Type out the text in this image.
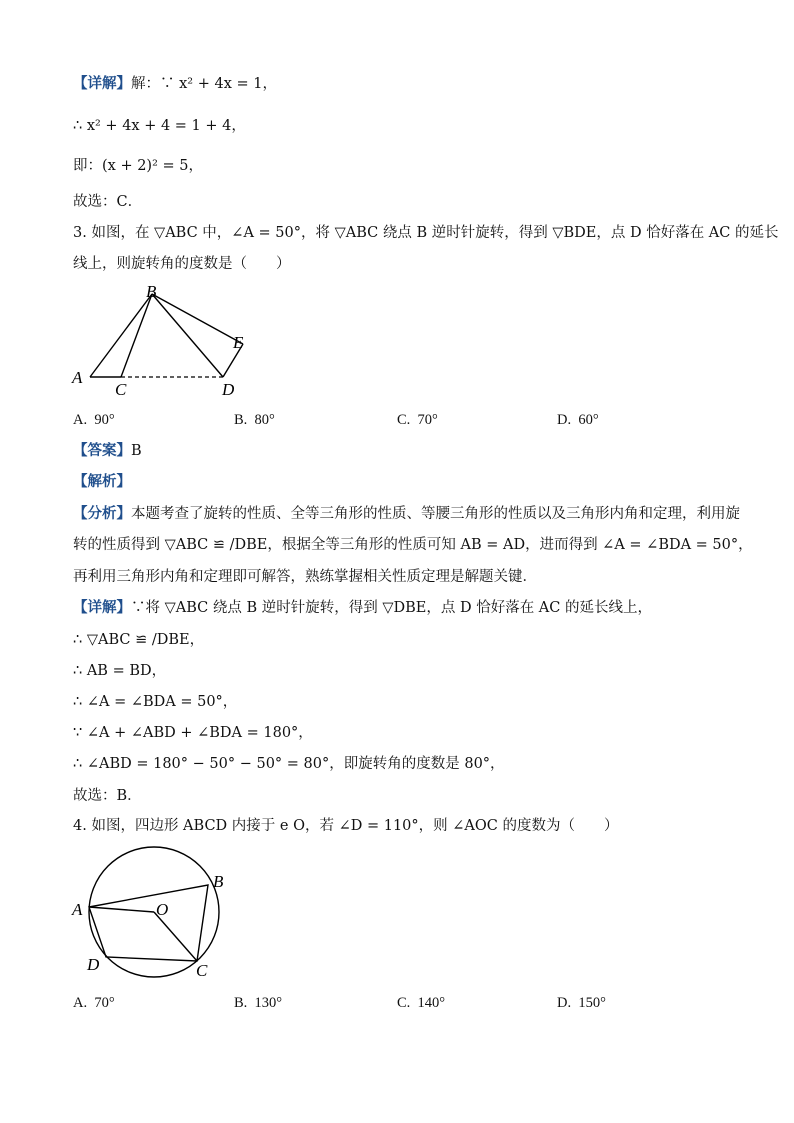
【详解】解：∵ x² + 4x = 1，
∴ x² + 4x + 4 = 1 + 4，
即：(x + 2)² = 5，
故选：C．
3. 如图，在 ▽ABC 中，∠A = 50°，将 ▽ABC 绕点 B 逆时针旋转，得到 ▽BDE，点 D 恰好落在 AC 的延长
线上，则旋转角的度数是（　　）
B
A
C	D
E
A. 90°	B. 80°	C. 70°	D. 60°
【答案】B
【解析】
【分析】本题考查了旋转的性质、全等三角形的性质、等腰三角形的性质以及三角形内角和定理，利用旋
转的性质得到 ▽ABC ≌ /DBE，根据全等三角形的性质可知 AB = AD，进而得到 ∠A = ∠BDA = 50°，
再利用三角形内角和定理即可解答，熟练掌握相关性质定理是解题关键．
【详解】∵将 ▽ABC 绕点 B 逆时针旋转，得到 ▽DBE，点 D 恰好落在 AC 的延长线上，
∴ ▽ABC ≌ /DBE，
∴ AB = BD，
∴ ∠A = ∠BDA = 50°，
∵ ∠A + ∠ABD + ∠BDA = 180°，
∴ ∠ABD = 180° − 50° − 50° = 80°，即旋转角的度数是 80°，
故选：B．
4. 如图，四边形 ABCD 内接于 e O，若 ∠D = 110°，则 ∠AOC 的度数为（　　）
A
B
C
D
O
A. 70°	B. 130°	C. 140°	D. 150°
